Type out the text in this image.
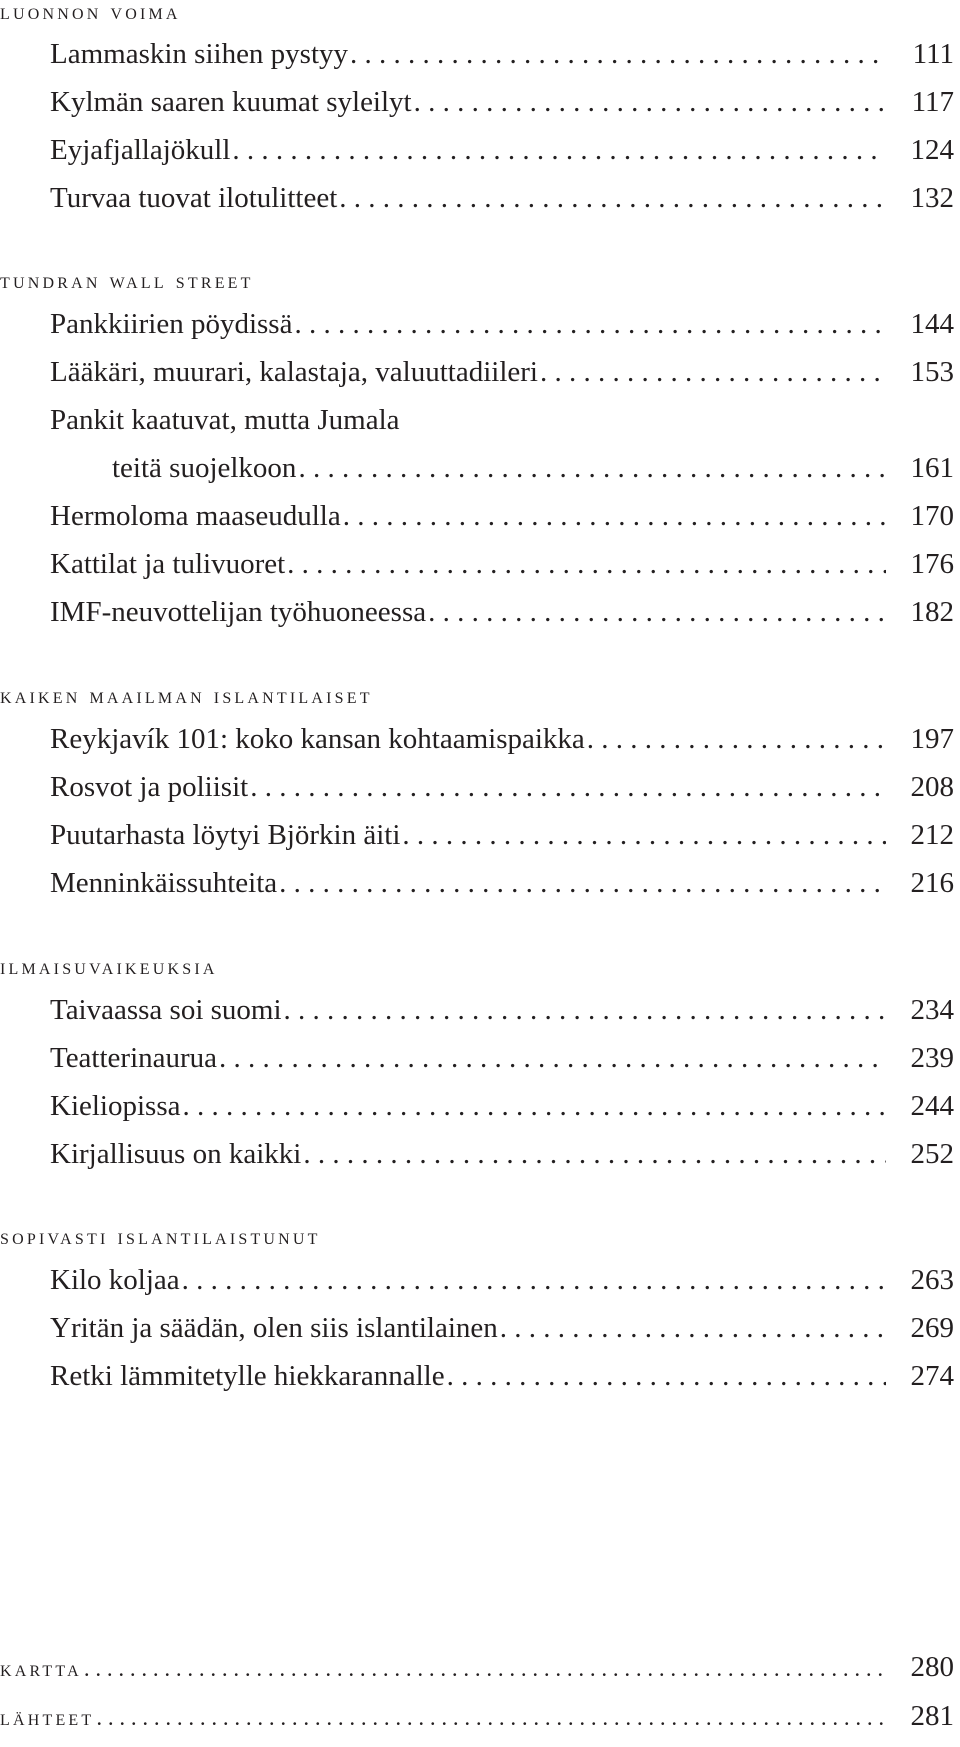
luonnon voima
Lammaskin siihen pystyy . . .	111
Kylmän saaren kuumat syleilyt . . .	117
Eyjafjallajökull . . .	124
Turvaa tuovat ilotulitteet . . .	132
tundran wall street
Pankkiirien pöydissä . . .	144
Lääkäri, muurari, kalastaja, valuuttadiileri . . .	153
Pankit kaatuvat, mutta Jumala
teitä suojelkoon . . .	161
Hermoloma maaseudulla . . .	170
Kattilat ja tulivuoret . . .	176
IMF-neuvottelijan työhuoneessa . . .	182
kaiken maailman islantilaiset
Reykjavík 101: koko kansan kohtaamispaikka . . .	197
Rosvot ja poliisit . . .	208
Puutarhasta löytyi Björkin äiti . . .	212
Menninkäissuhteita . . .	216
ilmaisuvaikeuksia
Taivaassa soi suomi . . .	234
Teatterinaurua . . .	239
Kieliopissa . . .	244
Kirjallisuus on kaikki . . .	252
sopivasti islantilaistunut
Kilo koljaa . . .	263
Yritän ja säädän, olen siis islantilainen . . .	269
Retki lämmitetylle hiekkarannalle . . .	274
kartta . . .	280
lähteet . . .	281
